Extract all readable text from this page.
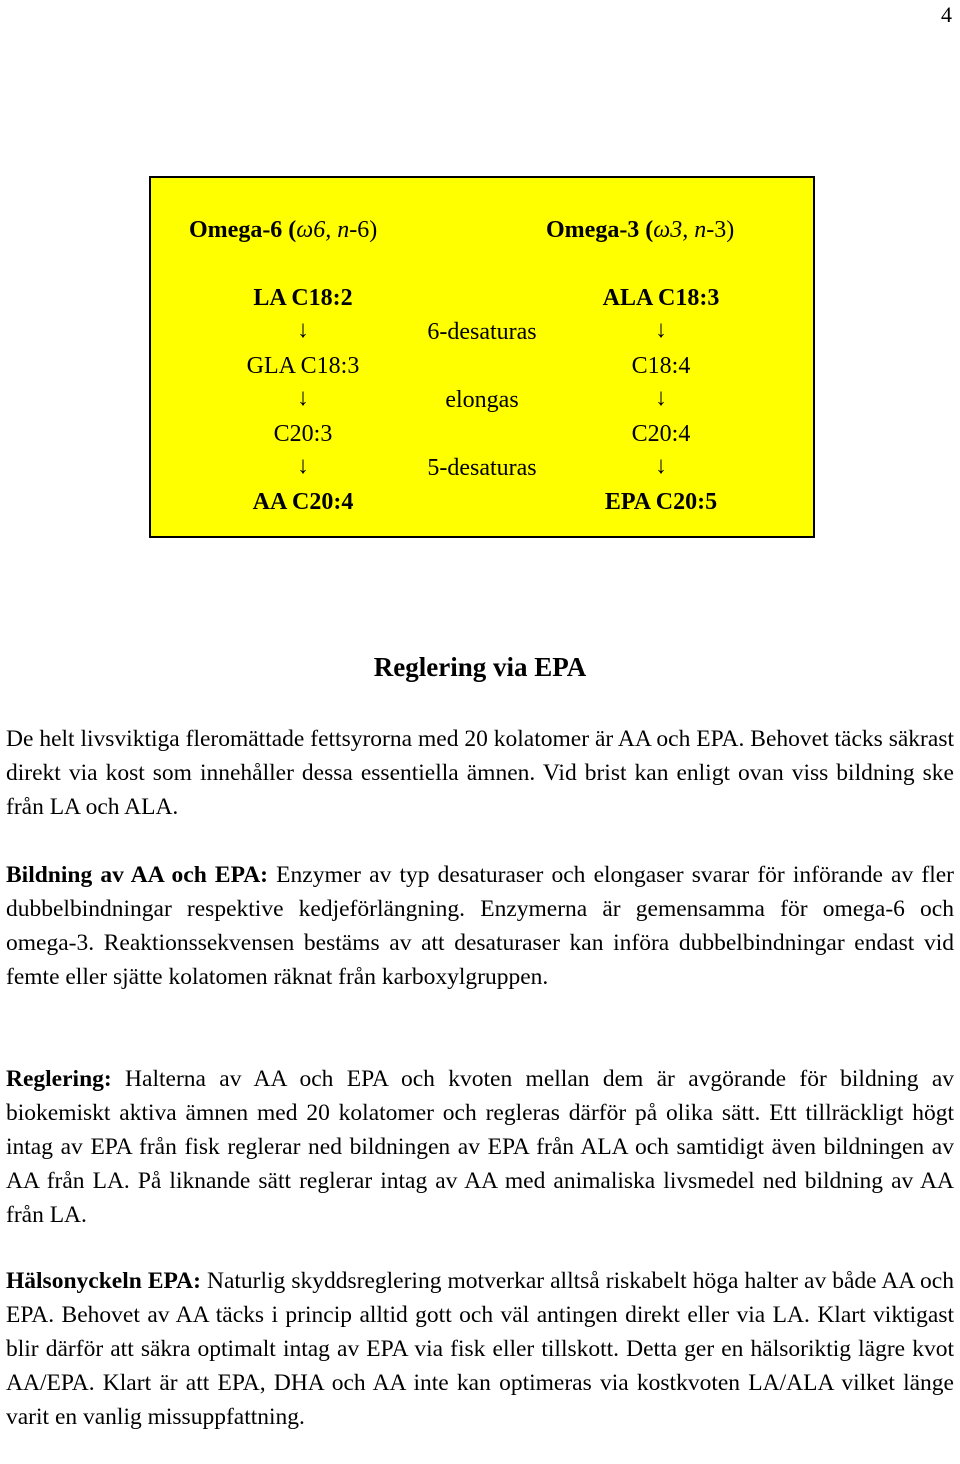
4
Omega-6 (ω6, n-6)	Omega-3 (ω3, n-3)
LA C18:2
↓
GLA C18:3
↓
C20:3
↓
AA C20:4
6-desaturas
elongas
5-desaturas
ALA C18:3
↓
C18:4
↓
C20:4
↓
EPA C20:5
Reglering via EPA

De helt livsviktiga fleromättade fettsyrorna med 20 kolatomer är AA och EPA. Behovet täcks säkrast direkt via kost som innehåller dessa essentiella ämnen. Vid brist kan enligt ovan viss bildning ske från LA och ALA.

Bildning av AA och EPA: Enzymer av typ desaturaser och elongaser svarar för införande av fler dubbelbindningar respektive kedjeförlängning. Enzymerna är gemensamma för omega-6 och omega-3. Reaktionssekvensen bestäms av att desaturaser kan införa dubbelbindningar endast vid femte eller sjätte kolatomen räknat från karboxylgruppen.

Reglering: Halterna av AA och EPA och kvoten mellan dem är avgörande för bildning av biokemiskt aktiva ämnen med 20 kolatomer och regleras därför på olika sätt. Ett tillräckligt högt intag av EPA från fisk reglerar ned bildningen av EPA från ALA och samtidigt även bildningen av AA från LA. På liknande sätt reglerar intag av AA med animaliska livsmedel ned bildning av AA från LA.

Hälsonyckeln EPA: Naturlig skyddsreglering motverkar alltså riskabelt höga halter av både AA och EPA. Behovet av AA täcks i princip alltid gott och väl antingen direkt eller via LA. Klart viktigast blir därför att säkra optimalt intag av EPA via fisk eller tillskott. Detta ger en hälsoriktig lägre kvot AA/EPA. Klart är att EPA, DHA och AA inte kan optimeras via kostkvoten LA/ALA vilket länge varit en vanlig missuppfattning.
